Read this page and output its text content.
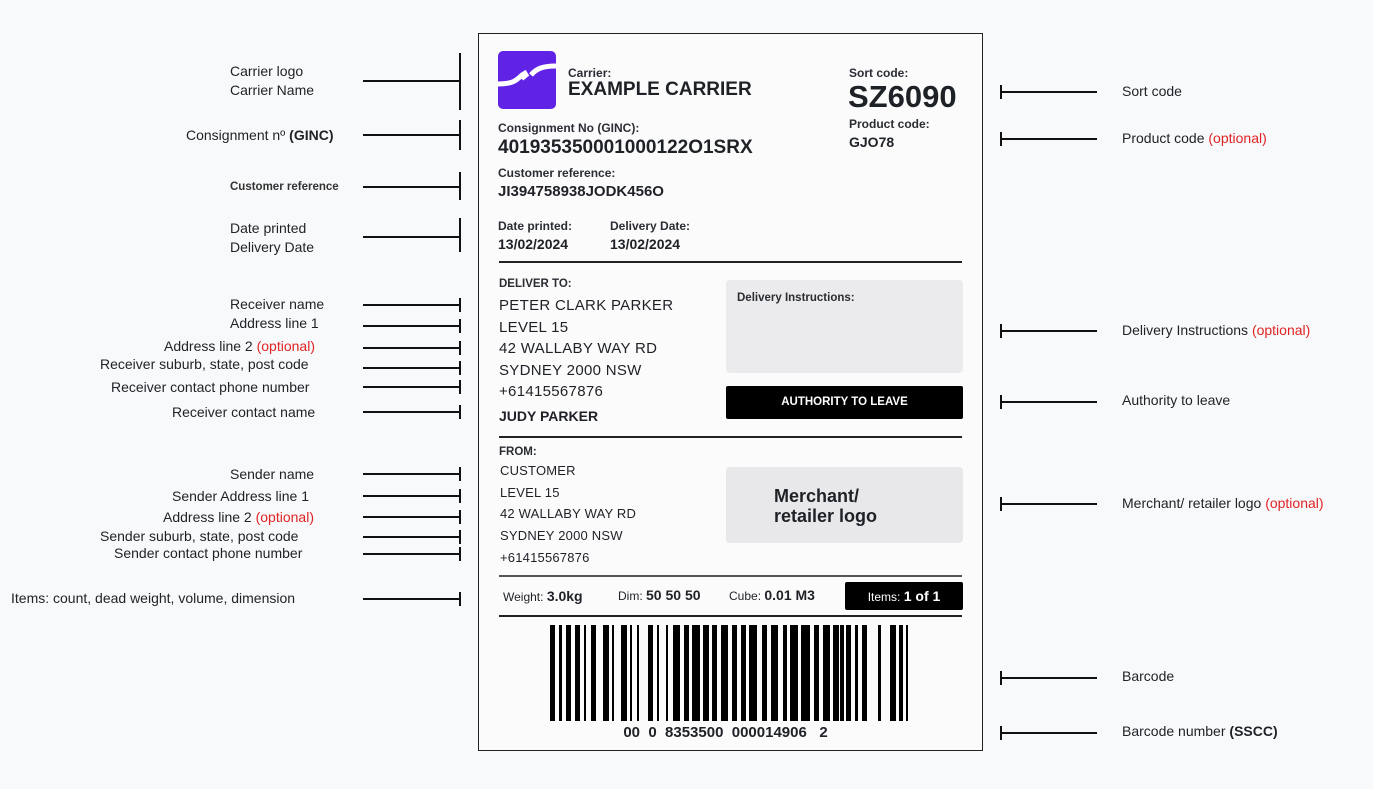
Carrier logo
Carrier Name
Consignment nº (GINC)
Customer reference
Date printed
Delivery Date
Receiver name
Address line 1
Address line 2 (optional)
Receiver suburb, state, post code
Receiver contact phone number
Receiver contact name
Sender name
Sender Address line 1
Address line 2 (optional)
Sender suburb, state, post code
Sender contact phone number
Items: count, dead weight, volume, dimension
Sort code
Product code (optional)
Delivery Instructions (optional)
Authority to leave
Merchant/ retailer logo (optional)
Barcode
Barcode number (SSCC)
Carrier:
EXAMPLE CARRIER
Sort code:
SZ6090
Product code:
GJO78
Consignment No (GINC):
401935350001000122O1SRX
Customer reference:
JI394758938JODK456O
Date printed:
13/02/2024
Delivery Date:
13/02/2024
DELIVER TO:
PETER CLARK PARKER
LEVEL 15
42 WALLABY WAY RD
SYDNEY 2000 NSW
+61415567876
JUDY PARKER
Delivery Instructions:
AUTHORITY TO LEAVE
FROM:
CUSTOMER
LEVEL 15
42 WALLABY WAY RD
SYDNEY 2000 NSW
+61415567876
Merchant/
retailer logo
Weight: 3.0kg	Dim: 50 50 50 Cube: 0.01 M3	Items: 1 of 1
00  0  8353500  000014906   2
